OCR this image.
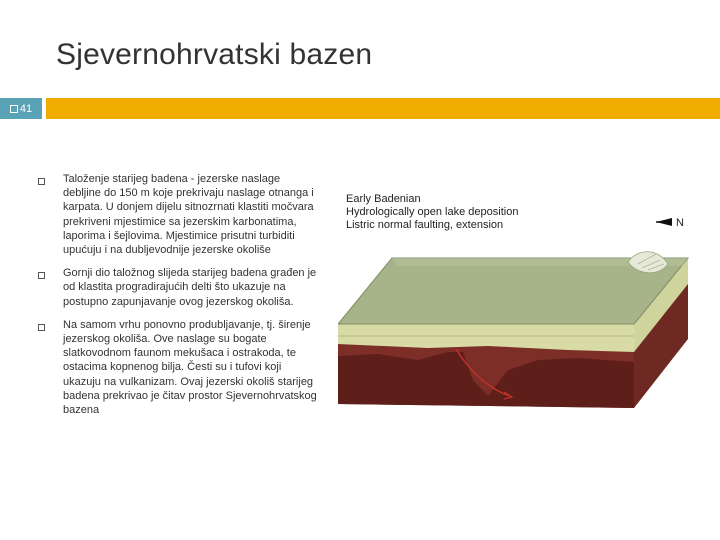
Sjevernohrvatski bazen
41
Taloženje starijeg badena - jezerske naslage debljine do 150 m koje prekrivaju naslage otnanga i karpata. U donjem dijelu sitnozrnati klastiti močvara prekriveni mjestimice sa jezerskim karbonatima, laporima i šejlovima. Mjestimice prisutni turbiditi upućuju i na dubljevodnije jezerske okoliše
Gornji dio taložnog slijeda starijeg badena građen je od klastita progradirajućih delti što ukazuje na postupno zapunjavanje ovog jezerskog okoliša.
Na samom vrhu ponovno produbljavanje, tj. širenje jezerskog okoliša. Ove naslage su bogate slatkovodnom faunom mekušaca i ostrakoda, te ostacima kopnenog bilja. Česti su i tufovi koji ukazuju na vulkanizam. Ovaj jezerski okoliš starijeg badena prekrivao je čitav prostor Sjevernohrvatskog bazena
N
Early Badenian
Hydrologically open lake deposition
Listric normal faulting, extension
